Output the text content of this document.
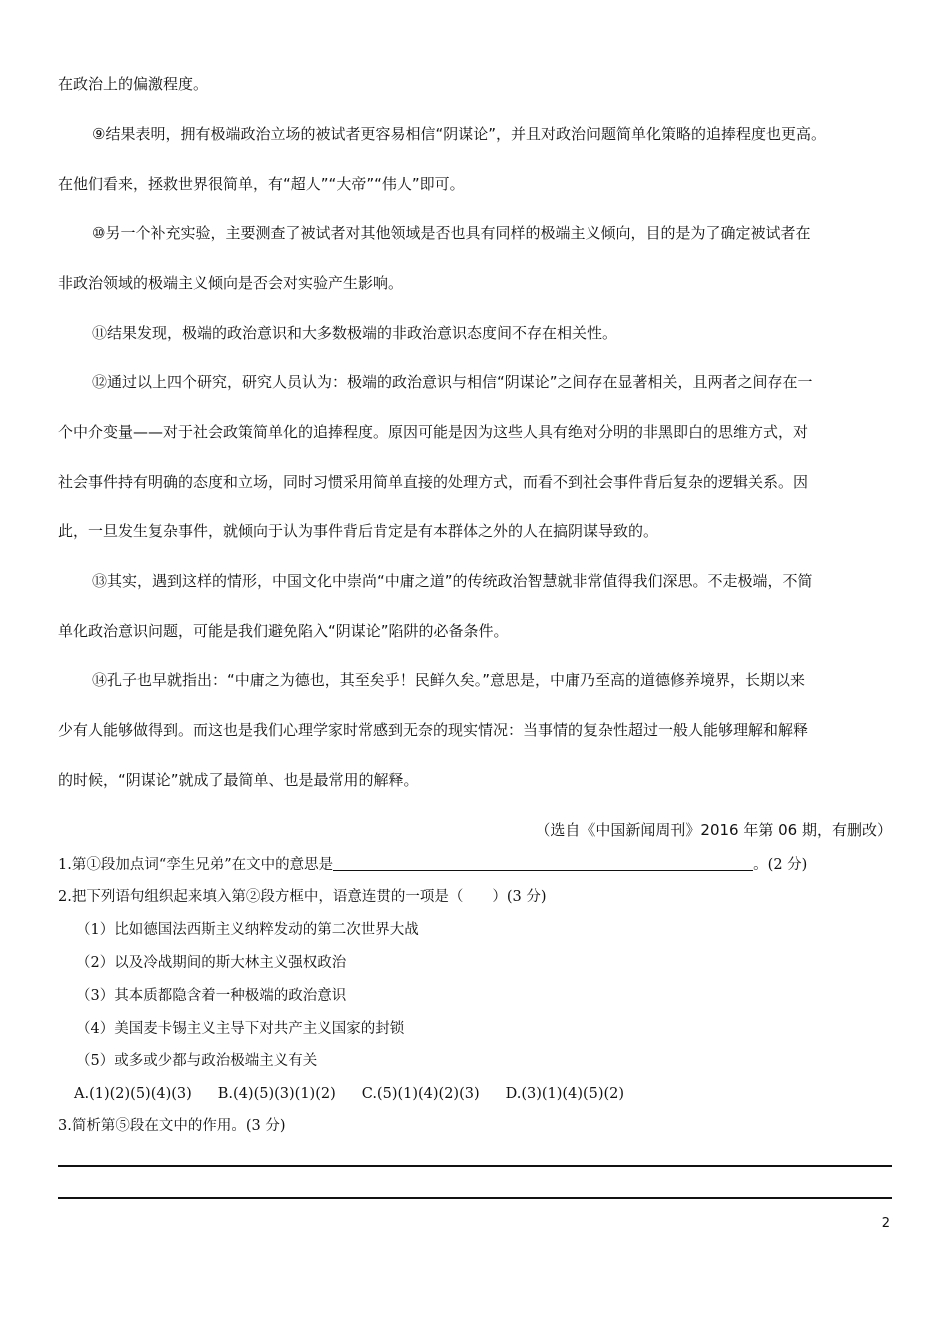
在政治上的偏激程度。
⑨结果表明，拥有极端政治立场的被试者更容易相信“阴谋论”，并且对政治问题简单化策略的追捧程度也更高。
在他们看来，拯救世界很简单，有“超人”“大帝”“伟人”即可。
⑩另一个补充实验，主要测查了被试者对其他领域是否也具有同样的极端主义倾向，目的是为了确定被试者在
非政治领域的极端主义倾向是否会对实验产生影响。
⑪结果发现，极端的政治意识和大多数极端的非政治意识态度间不存在相关性。
⑫通过以上四个研究，研究人员认为：极端的政治意识与相信“阴谋论”之间存在显著相关，且两者之间存在一
个中介变量——对于社会政策简单化的追捧程度。原因可能是因为这些人具有绝对分明的非黑即白的思维方式，对
社会事件持有明确的态度和立场，同时习惯采用简单直接的处理方式，而看不到社会事件背后复杂的逻辑关系。因
此，一旦发生复杂事件，就倾向于认为事件背后肯定是有本群体之外的人在搞阴谋导致的。
⑬其实，遇到这样的情形，中国文化中崇尚“中庸之道”的传统政治智慧就非常值得我们深思。不走极端，不简
单化政治意识问题，可能是我们避免陷入“阴谋论”陷阱的必备条件。
⑭孔子也早就指出：“中庸之为德也，其至矣乎！民鲜久矣。”意思是，中庸乃至高的道德修养境界，长期以来
少有人能够做得到。而这也是我们心理学家时常感到无奈的现实情况：当事情的复杂性超过一般人能够理解和解释
的时候，“阴谋论”就成了最简单、也是最常用的解释。
（选自《中国新闻周刊》2016 年第 06 期，有删改）
1.第①段加点词“孪生兄弟”在文中的意思是	。(2 分)
2.把下列语句组织起来填入第②段方框中，语意连贯的一项是（　　）(3 分)
（1）比如德国法西斯主义纳粹发动的第二次世界大战
（2）以及冷战期间的斯大林主义强权政治
（3）其本质都隐含着一种极端的政治意识
（4）美国麦卡锡主义主导下对共产主义国家的封锁
（5）或多或少都与政治极端主义有关
A.(1)(2)(5)(4)(3) B.(4)(5)(3)(1)(2) C.(5)(1)(4)(2)(3) D.(3)(1)(4)(5)(2)
3.简析第⑤段在文中的作用。(3 分)
2
